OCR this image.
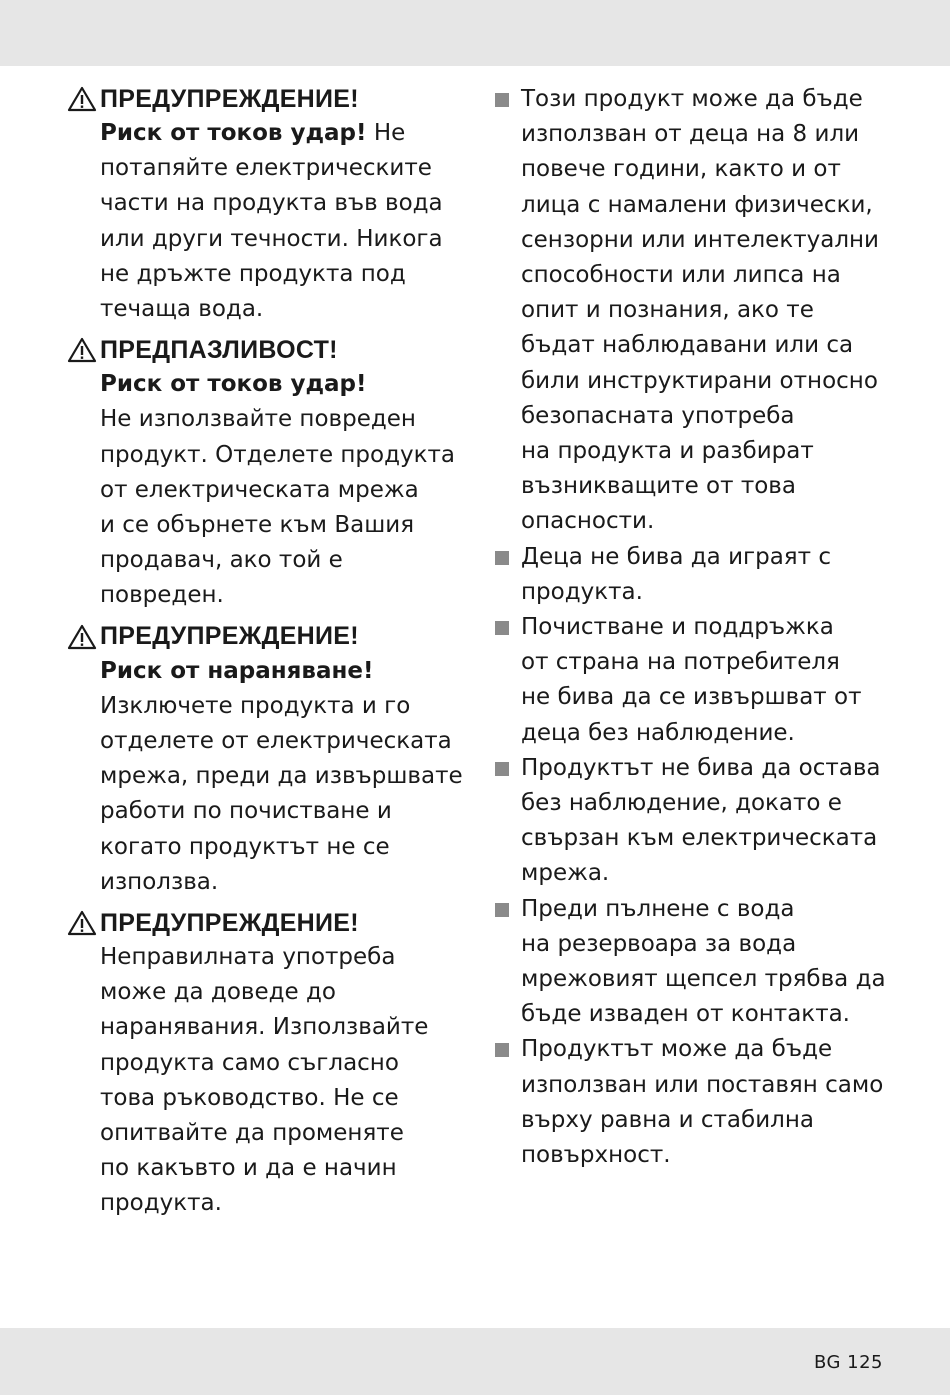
ПРЕДУПРЕЖДЕНИЕ!
Риск от токов удар! Не
потапяйте електрическите
части на продукта във вода
или други течности. Никога
не дръжте продукта под
течаща вода.
ПРЕДПАЗЛИВОСТ!
Риск от токов удар!
Не използвайте повреден
продукт. Отделете продукта
от електрическата мрежа
и се обърнете към Вашия
продавач, ако той е
повреден.
ПРЕДУПРЕЖДЕНИЕ!
Риск от нараняване!
Изключете продукта и го
отделете от електрическата
мрежа, преди да извършвате
работи по почистване и
когато продуктът не се
използва.
ПРЕДУПРЕЖДЕНИЕ!
Неправилната употреба
може да доведе до
наранявания. Използвайте
продукта само съгласно
това ръководство. Не се
опитвайте да променяте
по какъвто и да е начин
продукта.
Този продукт може да бъде
използван от деца на 8 или
повече години, както и от
лица с намалени физически,
сензорни или интелектуални
способности или липса на
опит и познания, ако те
бъдат наблюдавани или са
били инструктирани относно
безопасната употреба
на продукта и разбират
възникващите от това
опасности.
Деца не бива да играят с
продукта.
Почистване и поддръжка
от страна на потребителя
не бива да се извършват от
деца без наблюдение.
Продуктът не бива да остава
без наблюдение, докато е
свързан към електрическата
мрежа.
Преди пълнене с вода
на резервоара за вода
мрежовият щепсел трябва да
бъде изваден от контакта.
Продуктът може да бъде
използван или поставян само
върху равна и стабилна
повърхност.
BG 125
